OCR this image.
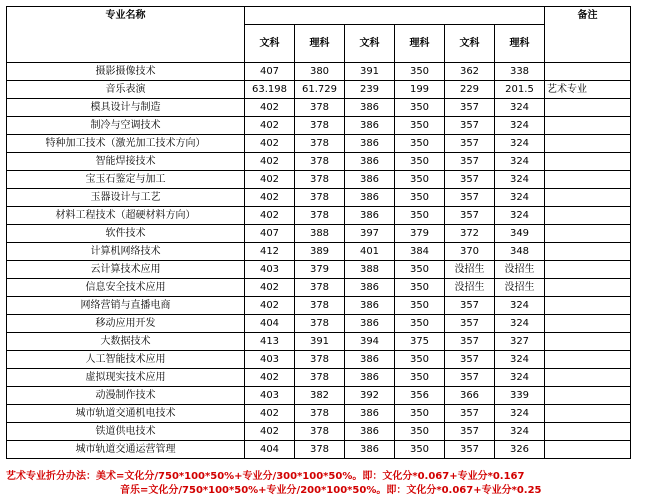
专业名称							备注
	文科	理科	文科	理科	文科	理科	
摄影摄像技术	407	380	391	350	362	338	
音乐表演	63.198	61.729	239	199	229	201.5	艺术专业
模具设计与制造	402	378	386	350	357	324	
制冷与空调技术	402	378	386	350	357	324	
特种加工技术（激光加工技术方向）	402	378	386	350	357	324	
智能焊接技术	402	378	386	350	357	324	
宝玉石鉴定与加工	402	378	386	350	357	324	
玉器设计与工艺	402	378	386	350	357	324	
材料工程技术（超硬材料方向）	402	378	386	350	357	324	
软件技术	407	388	397	379	372	349	
计算机网络技术	412	389	401	384	370	348	
云计算技术应用	403	379	388	350	没招生	没招生	
信息安全技术应用	402	378	386	350	没招生	没招生	
网络营销与直播电商	402	378	386	350	357	324	
移动应用开发	404	378	386	350	357	324	
大数据技术	413	391	394	375	357	327	
人工智能技术应用	403	378	386	350	357	324	
虚拟现实技术应用	402	378	386	350	357	324	
动漫制作技术	403	382	392	356	366	339	
城市轨道交通机电技术	402	378	386	350	357	324	
铁道供电技术	402	378	386	350	357	324	
城市轨道交通运营管理	404	378	386	350	357	326	
艺术专业折分办法：美术=文化分/750*100*50%+专业分/300*100*50%。即：文化分*0.067+专业分*0.167
音乐=文化分/750*100*50%+专业分/200*100*50%。即：文化分*0.067+专业分*0.25
